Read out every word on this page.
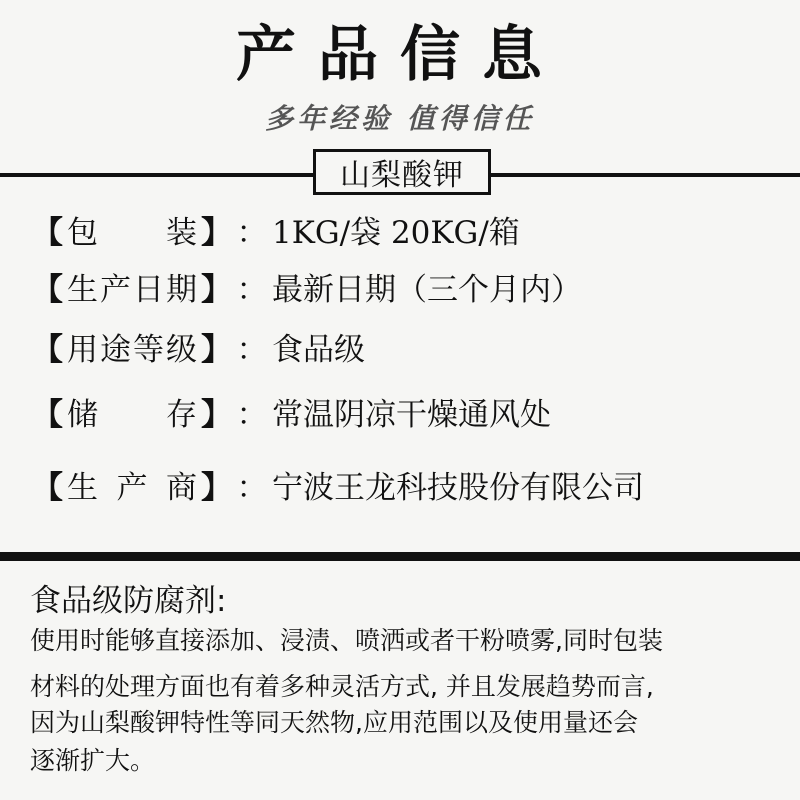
产品信息
多年经验 值得信任
山梨酸钾
【 包 装 】 ： 1KG/袋 20KG/箱
【 生 产 日 期 】 ： 最新日期（三个月内）
【 用 途 等 级 】 ： 食品级
【 储 存 】 ： 常温阴凉干燥通风处
【 生 产 商 】 ： 宁波王龙科技股份有限公司
食品级防腐剂:
使用时能够直接添加、浸渍、喷洒或者干粉喷雾,同时包装
材料的处理方面也有着多种灵活方式, 并且发展趋势而言,
因为山梨酸钾特性等同天然物,应用范围以及使用量还会
逐渐扩大。
